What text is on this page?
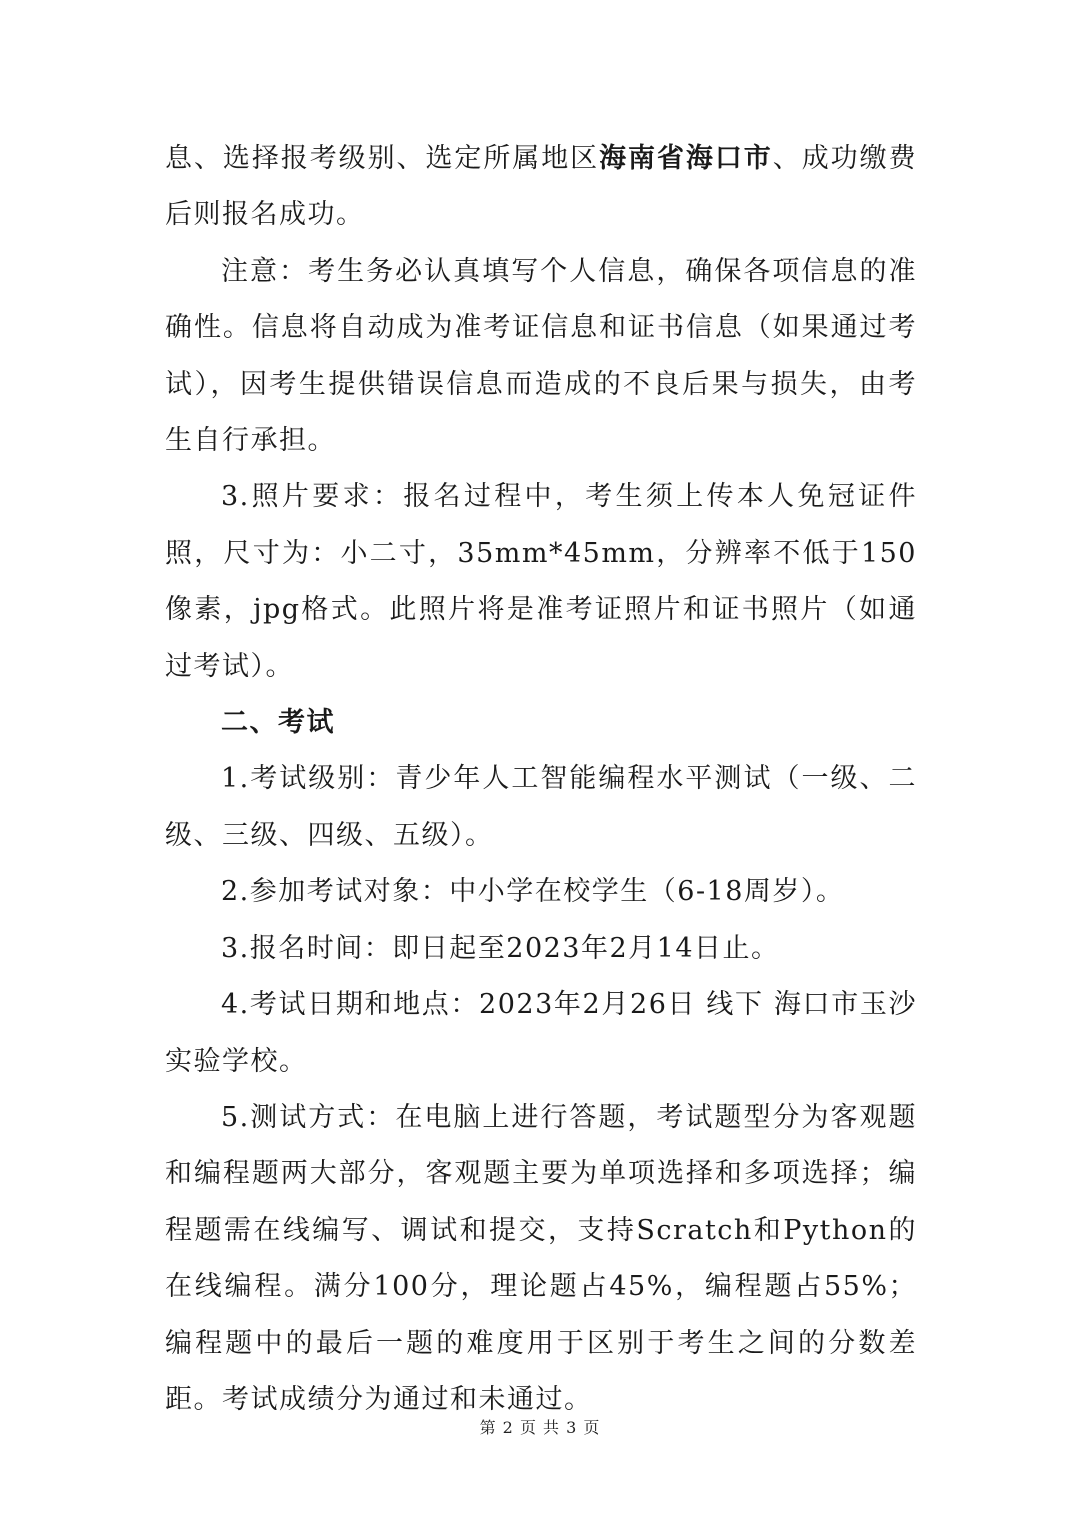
息、选择报考级别、选定所属地区海南省海口市、成功缴费后则报名成功。

注意：考生务必认真填写个人信息，确保各项信息的准确性。信息将自动成为准考证信息和证书信息（如果通过考试），因考生提供错误信息而造成的不良后果与损失，由考生自行承担。

3.照片要求：报名过程中，考生须上传本人免冠证件照，尺寸为：小二寸，35mm*45mm，分辨率不低于150像素，jpg格式。此照片将是准考证照片和证书照片（如通过考试）。

二、考试

1.考试级别：青少年人工智能编程水平测试（一级、二级、三级、四级、五级）。

2.参加考试对象：中小学在校学生（6-18周岁）。

3.报名时间：即日起至2023年2月14日止。

4.考试日期和地点：2023年2月26日 线下 海口市玉沙实验学校。

5.测试方式：在电脑上进行答题，考试题型分为客观题和编程题两大部分，客观题主要为单项选择和多项选择；编程题需在线编写、调试和提交，支持Scratch和Python的在线编程。满分100分，理论题占45%，编程题占55%；编程题中的最后一题的难度用于区别于考生之间的分数差距。考试成绩分为通过和未通过。

第 2 页 共 3 页
